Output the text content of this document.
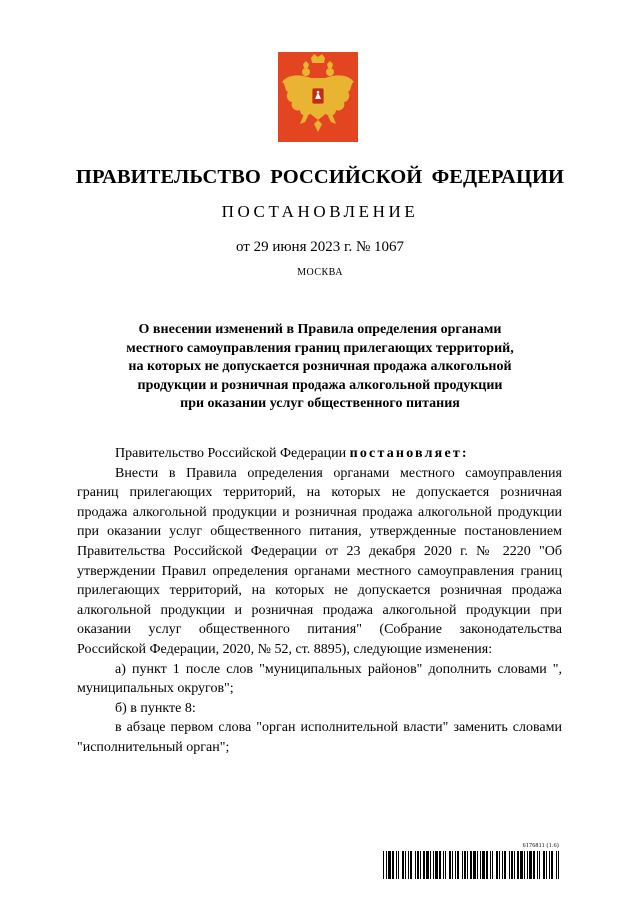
ПРАВИТЕЛЬСТВО РОССИЙСКОЙ ФЕДЕРАЦИИ
ПОСТАНОВЛЕНИЕ
от 29 июня 2023 г. № 1067
МОСКВА
О внесении изменений в Правила определения органами
местного самоуправления границ прилегающих территорий,
на которых не допускается розничная продажа алкогольной
продукции и розничная продажа алкогольной продукции
при оказании услуг общественного питания

Правительство Российской Федерации постановляет:

Внести в Правила определения органами местного самоуправления границ прилегающих территорий, на которых не допускается розничная продажа алкогольной продукции и розничная продажа алкогольной продукции при оказании услуг общественного питания, утвержденные постановлением Правительства Российской Федерации от 23 декабря 2020 г. № 2220 "Об утверждении Правил определения органами местного самоуправления границ прилегающих территорий, на которых не допускается розничная продажа алкогольной продукции и розничная продажа алкогольной продукции при оказании услуг общественного питания" (Собрание законодательства Российской Федерации, 2020, № 52, ст. 8895), следующие изменения:

а) пункт 1 после слов "муниципальных районов" дополнить словами ", муниципальных округов";

б) в пункте 8:

в абзаце первом слова "орган исполнительной власти" заменить словами "исполнительный орган";

6176811 (1.6)
